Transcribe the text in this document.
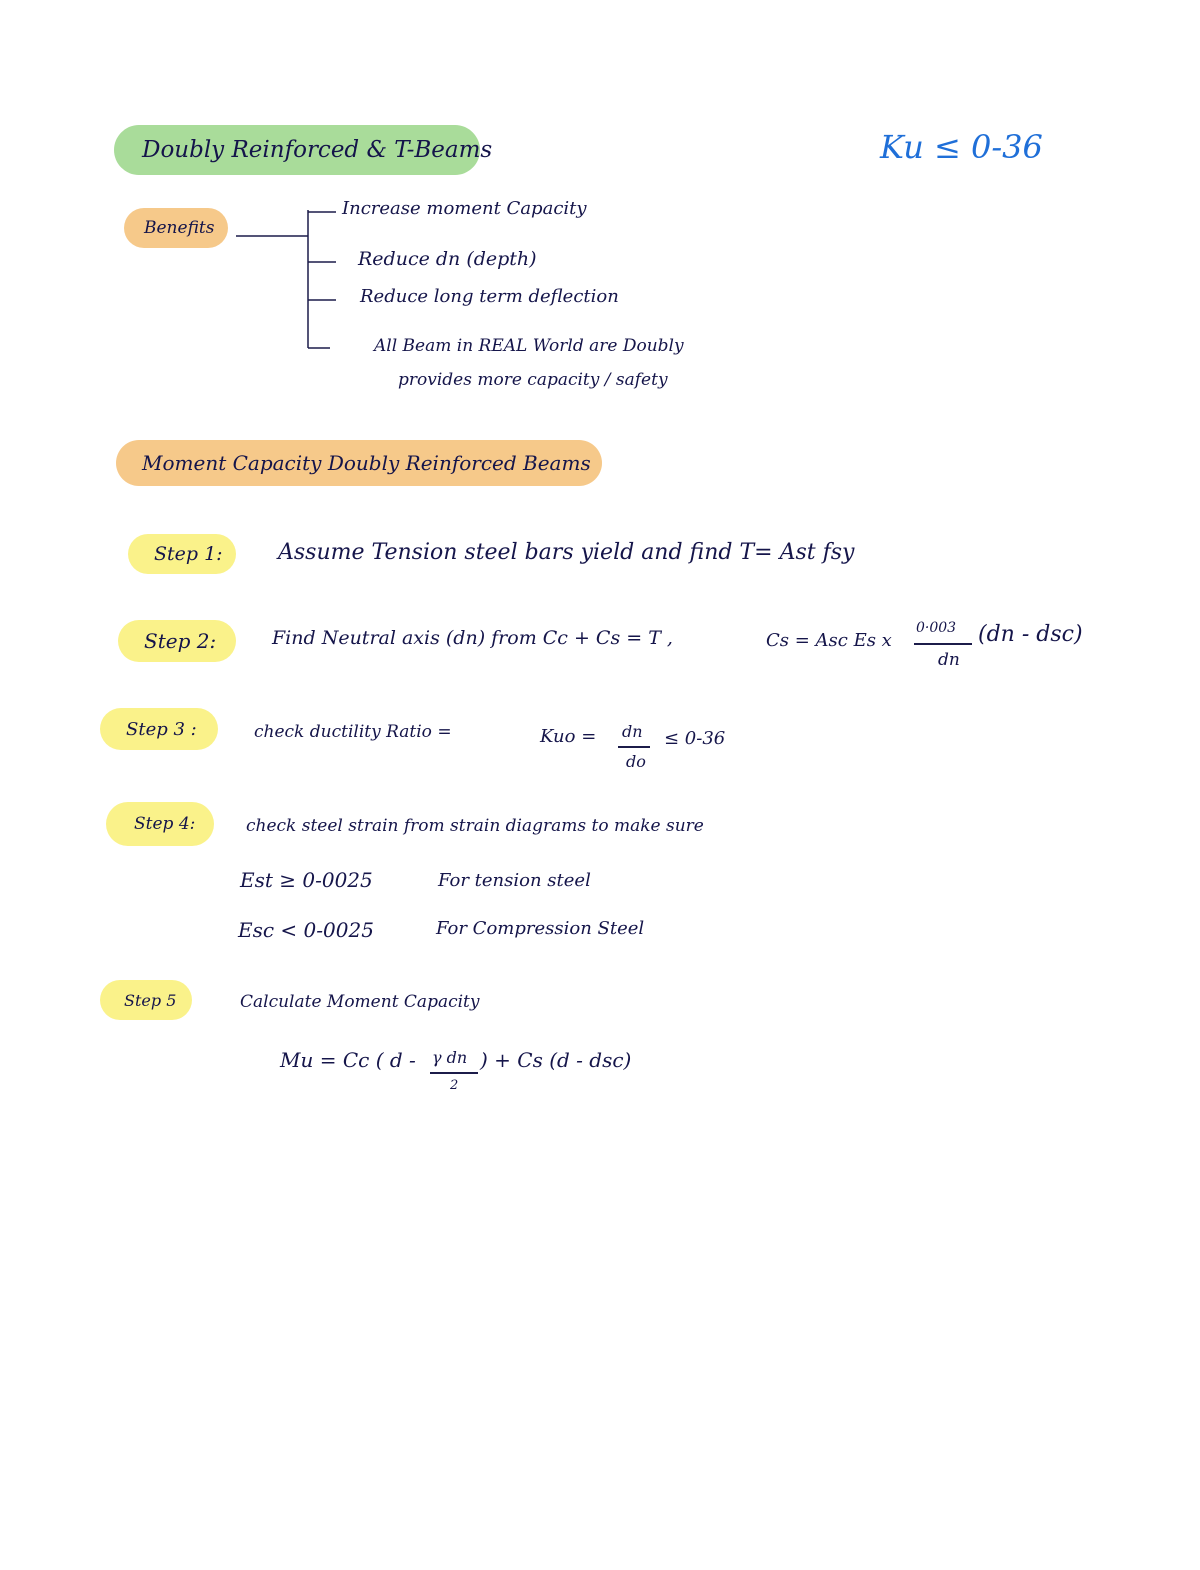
Doubly Reinforced & T-Beams	Ku ≤ 0-36
Benefits
Increase moment Capacity
Reduce dn (depth)
Reduce long term deflection
All Beam in REAL World are Doubly
provides more capacity / safety
Moment Capacity Doubly Reinforced Beams
Step 1:	Assume Tension steel bars yield and find T= Ast fsy
Step 2:	Find Neutral axis (dn) from Cc + Cs = T ,	Cs = Asc Es x
0·003
dn
(dn - dsc)
Step 3 :	check ductility Ratio =	Kuo = dn
do
≤ 0-36
Step 4:	check steel strain from strain diagrams to make sure
Est ≥ 0-0025	For tension steel
Esc < 0-0025	For Compression Steel
Step 5	Calculate Moment Capacity
Mu = Cc ( d - γ dn
2
) + Cs (d - dsc)
